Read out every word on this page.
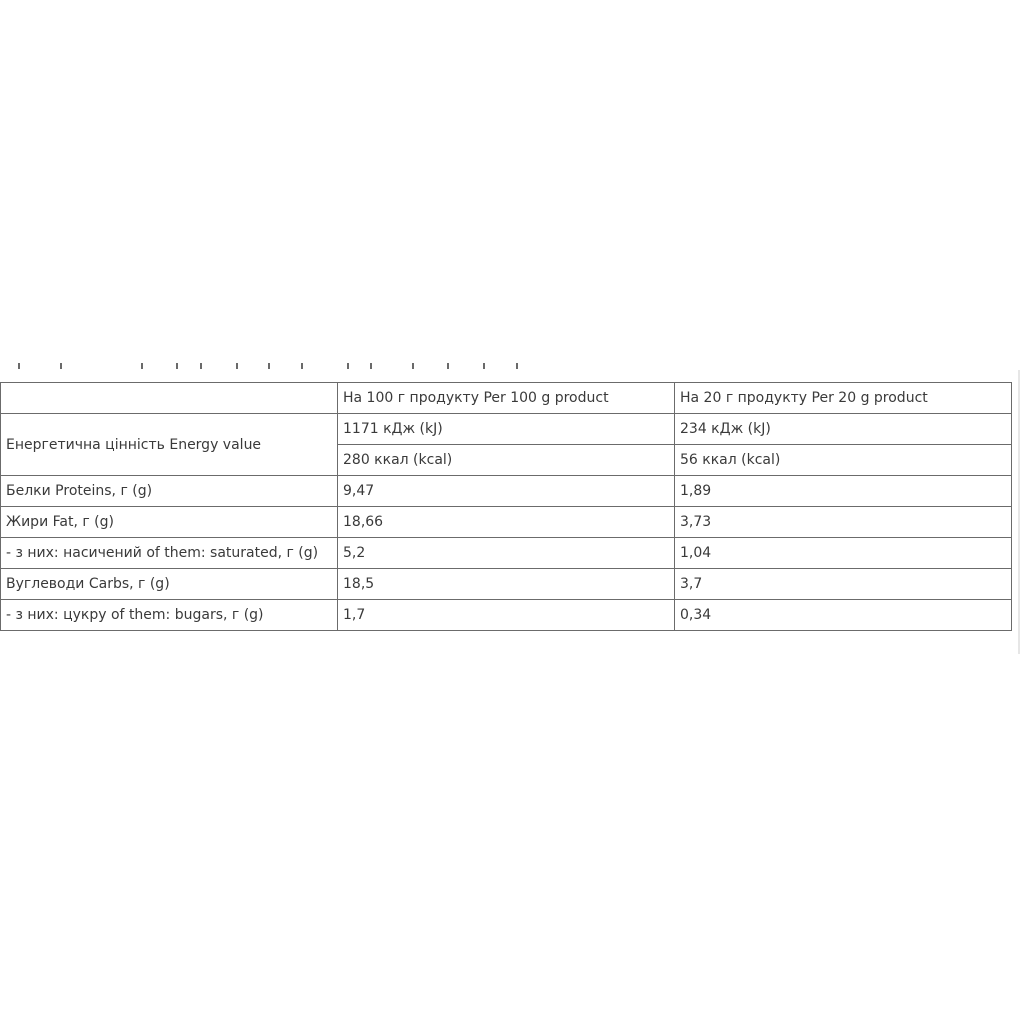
	На 100 г продукту Per 100 g product	На 20 г продукту Per 20 g product
Енергетична цінність Energy value	1171 кДж (kJ)	234 кДж (kJ)
	280 ккал (kcal)	56 ккал (kcal)
Белки Proteins, г (g)	9,47	1,89
Жири Fat, г (g)	18,66	3,73
- з них: насичений of them: saturated, г (g)	5,2	1,04
Вуглеводи Carbs, г (g)	18,5	3,7
- з них: цукру of them: bugars, г (g)	1,7	0,34
